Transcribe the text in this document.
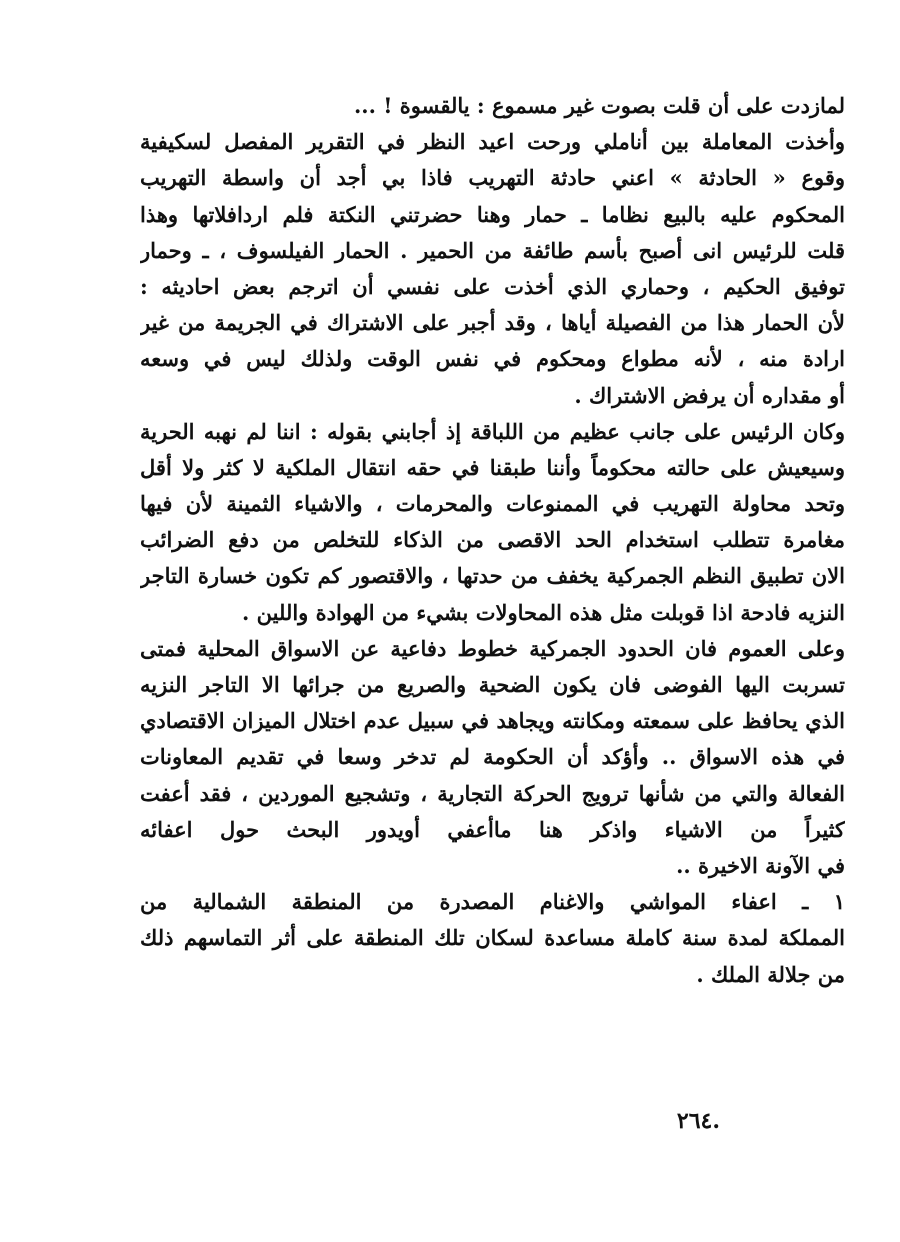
لمازدت على أن قلت بصوت غير مسموع : يالقسوة ! ...
وأخذت المعاملة بين أناملي ورحت اعيد النظر في التقرير المفصل لسكيفية
وقوع « الحادثة » اعني حادثة التهريب فاذا بي أجد أن واسطة التهريب
المحكوم عليه بالبيع نظاما ـ حمار وهنا حضرتني النكتة فلم اردافلاتها وهذا
قلت للرئيس انى أصبح بأسم طائفة من الحمير . الحمار الفيلسوف ، ـ وحمار
توفيق الحكيم ، وحماري الذي أخذت على نفسي أن اترجم بعض احاديثه :
لأن الحمار هذا من الفصيلة أياها ، وقد أجبر على الاشتراك في الجريمة من غير
ارادة منه ، لأنه مطواع ومحكوم في نفس الوقت ولذلك ليس في وسعه
أو مقداره أن يرفض الاشتراك .
وكان الرئيس على جانب عظيم من اللباقة إذ أجابني بقوله : اننا لم نهبه الحرية
وسيعيش على حالته محكوماً وأننا طبقنا في حقه انتقال الملكية لا كثر ولا أقل
وتحد محاولة التهريب في الممنوعات والمحرمات ، والاشياء الثمينة لأن فيها
مغامرة تتطلب استخدام الحد الاقصى من الذكاء للتخلص من دفع الضرائب
الان تطبيق النظم الجمركية يخفف من حدتها ، والاقتصور كم تكون خسارة التاجر
النزيه فادحة اذا قوبلت مثل هذه المحاولات بشيء من الهوادة واللين .
وعلى العموم فان الحدود الجمركية خطوط دفاعية عن الاسواق المحلية فمتى
تسربت اليها الفوضى فان يكون الضحية والصريع من جرائها الا التاجر النزيه
الذي يحافظ على سمعته ومكانته ويجاهد في سبيل عدم اختلال الميزان الاقتصادي
في هذه الاسواق .. وأؤكد أن الحكومة لم تدخر وسعا في تقديم المعاونات
الفعالة والتي من شأنها ترويج الحركة التجارية ، وتشجيع الموردين ، فقد أعفت
كثيراً من الاشياء واذكر هنا ماأعفي أويدور البحث حول اعفائه
في الآونة الاخيرة ..
١ ـ اعفاء المواشي والاغنام المصدرة من المنطقة الشمالية من
المملكة لمدة سنة كاملة مساعدة لسكان تلك المنطقة على أثر التماسهم ذلك
من جلالة الملك .
.٢٦٤
